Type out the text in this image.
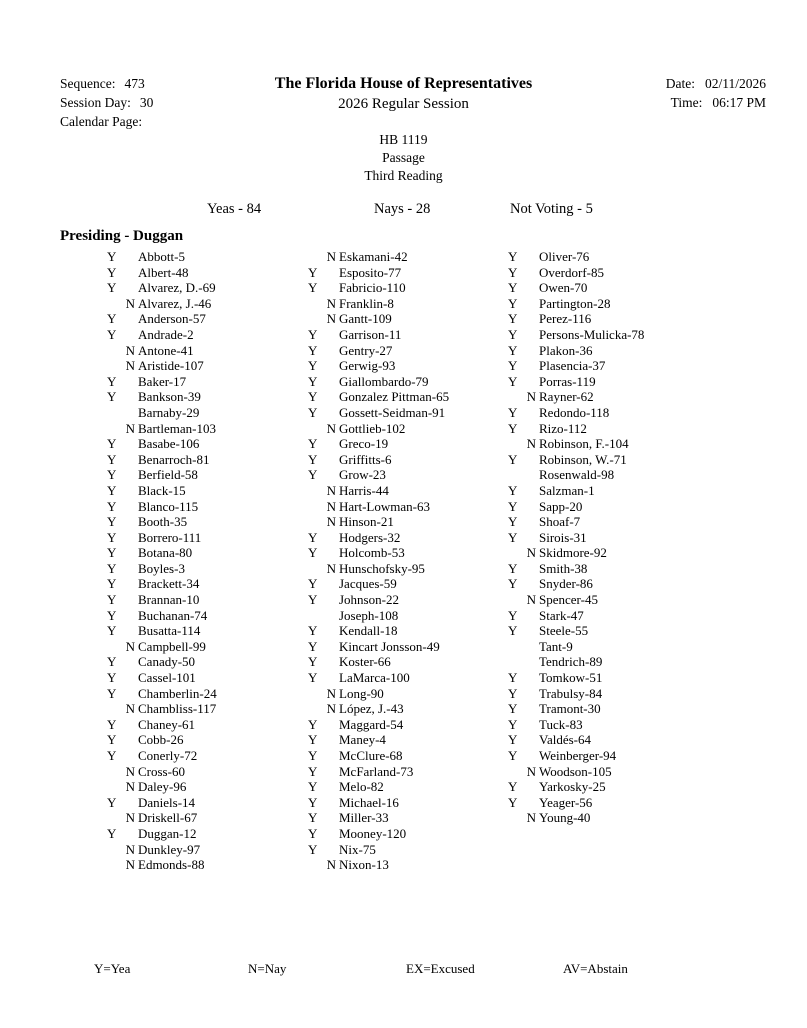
Sequence: 473
Session Day: 30
Calendar Page:
The Florida House of Representatives
2026 Regular Session
Date: 02/11/2026
Time: 06:17 PM
HB 1119
Passage
Third Reading
Yeas - 84	Nays - 28	Not Voting - 5
Presiding - Duggan
Y Abbott-5
Y Albert-48
Y Alvarez, D.-69
N Alvarez, J.-46
Y Anderson-57
Y Andrade-2
N Antone-41
N Aristide-107
Y Baker-17
Y Bankson-39
Barnaby-29
N Bartleman-103
Y Basabe-106
Y Benarroch-81
Y Berfield-58
Y Black-15
Y Blanco-115
Y Booth-35
Y Borrero-111
Y Botana-80
Y Boyles-3
Y Brackett-34
Y Brannan-10
Y Buchanan-74
Y Busatta-114
N Campbell-99
Y Canady-50
Y Cassel-101
Y Chamberlin-24
N Chambliss-117
Y Chaney-61
Y Cobb-26
Y Conerly-72
N Cross-60
N Daley-96
Y Daniels-14
N Driskell-67
Y Duggan-12
N Dunkley-97
N Edmonds-88
N Eskamani-42
Y Esposito-77
Y Fabricio-110
N Franklin-8
N Gantt-109
Y Garrison-11
Y Gentry-27
Y Gerwig-93
Y Giallombardo-79
Y Gonzalez Pittman-65
Y Gossett-Seidman-91
N Gottlieb-102
Y Greco-19
Y Griffitts-6
Y Grow-23
N Harris-44
N Hart-Lowman-63
N Hinson-21
Y Hodgers-32
Y Holcomb-53
N Hunschofsky-95
Y Jacques-59
Y Johnson-22
Joseph-108
Y Kendall-18
Y Kincart Jonsson-49
Y Koster-66
Y LaMarca-100
N Long-90
N López, J.-43
Y Maggard-54
Y Maney-4
Y McClure-68
Y McFarland-73
Y Melo-82
Y Michael-16
Y Miller-33
Y Mooney-120
Y Nix-75
N Nixon-13
Y Oliver-76
Y Overdorf-85
Y Owen-70
Y Partington-28
Y Perez-116
Y Persons-Mulicka-78
Y Plakon-36
Y Plasencia-37
Y Porras-119
N Rayner-62
Y Redondo-118
Y Rizo-112
N Robinson, F.-104
Y Robinson, W.-71
Rosenwald-98
Y Salzman-1
Y Sapp-20
Y Shoaf-7
Y Sirois-31
N Skidmore-92
Y Smith-38
Y Snyder-86
N Spencer-45
Y Stark-47
Y Steele-55
Tant-9
Tendrich-89
Y Tomkow-51
Y Trabulsy-84
Y Tramont-30
Y Tuck-83
Y Valdés-64
Y Weinberger-94
N Woodson-105
Y Yarkosky-25
Y Yeager-56
N Young-40
Y=Yea	N=Nay	EX=Excused	AV=Abstain
